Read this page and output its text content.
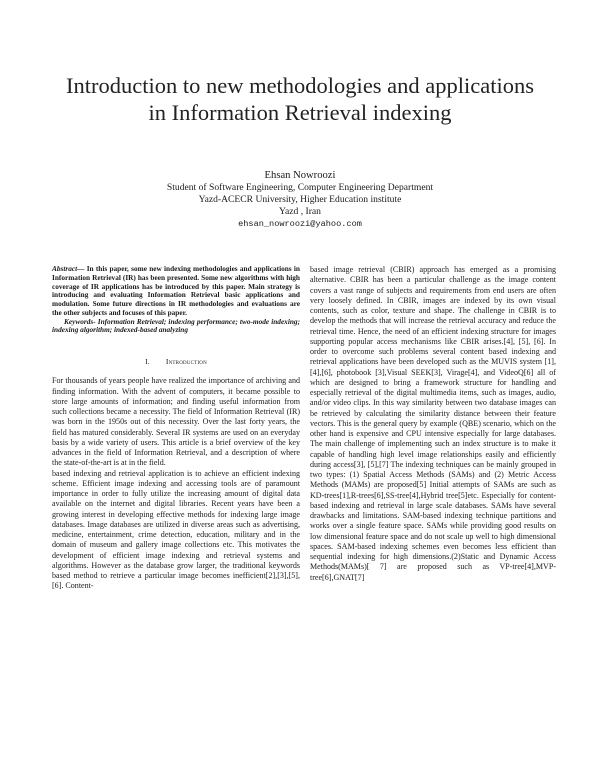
Introduction to new methodologies and applications
in Information Retrieval indexing
Ehsan Nowroozi
Student of Software Engineering, Computer Engineering Department
Yazd-ACECR University, Higher Education institute
Yazd , Iran
ehsan_nowroozi@yahoo.com

Abstract— In this paper, some new indexing methodologies and applications in Information Retrieval (IR) has been presented. Some new algorithms with high coverage of IR applications has be introduced by this paper. Main strategy is introducing and evaluating Information Retrieval basic applications and modulation. Some future directions in IR methodologies and evaluations are the other subjects and focuses of this paper.

Keywords- Information Retrieval; indexing performance; two-mode indexing; indexing algorithm; indexed-based analyzing

I. Introduction

For thousands of years people have realized the importance of archiving and finding information. With the advent of computers, it became possible to store large amounts of information; and finding useful information from such collections became a necessity. The field of Information Retrieval (IR) was born in the 1950s out of this necessity. Over the last forty years, the field has matured considerably. Several IR systems are used on an everyday basis by a wide variety of users. This article is a brief overview of the key advances in the field of Information Retrieval, and a description of where the state-of-the-art is at in the field.

based indexing and retrieval application is to achieve an efficient indexing scheme. Efficient image indexing and accessing tools are of paramount importance in order to fully utilize the increasing amount of digital data available on the internet and digital libraries. Recent years have been a growing interest in developing effective methods for indexing large image databases. Image databases are utilized in diverse areas such as advertising, medicine, entertainment, crime detection, education, military and in the domain of museum and gallery image collections etc. This motivates the development of efficient image indexing and retrieval systems and algorithms. However as the database grow larger, the traditional keywords based method to retrieve a particular image becomes inefficient[2],[3],[5],[6]. Content-

based image retrieval (CBIR) approach has emerged as a promising alternative. CBIR has been a particular challenge as the image content covers a vast range of subjects and requirements from end users are often very loosely defined. In CBIR, images are indexed by its own visual contents, such as color, texture and shape. The challenge in CBIR is to develop the methods that will increase the retrieval accuracy and reduce the retrieval time. Hence, the need of an efficient indexing structure for images supporting popular access mechanisms like CBIR arises.[4], [5], [6]. In order to overcome such problems several content based indexing and retrieval applications have been developed such as the MUVIS system [1],[4],[6], photobook [3],Visual SEEK[3], Virage[4], and VideoQ[6] all of which are designed to bring a framework structure for handling and especially retrieval of the digital multimedia items, such as images, audio, and/or video clips. In this way similarity between two database images can be retrieved by calculating the similarity distance between their feature vectors. This is the general query by example (QBE) scenario, which on the other hand is expensive and CPU intensive especially for large databases. The main challenge of implementing such an index structure is to make it capable of handling high level image relationships easily and efficiently during access[3], [5],[7] The indexing techniques can be mainly grouped in two types: (1) Spatial Access Methods (SAMs) and (2) Metric Access Methods (MAMs) are proposed[5] Initial attempts of SAMs are such as KD-trees[1],R-trees[6],SS-tree[4],Hybrid tree[5]etc. Especially for content-based indexing and retrieval in large scale databases. SAMs have several drawbacks and limitations. SAM-based indexing technique partitions and works over a single feature space. SAMs while providing good results on low dimensional feature space and do not scale up well to high dimensional spaces. SAM-based indexing schemes even becomes less efficient than sequential indexing for high dimensions.(2)Static and Dynamic Access Methods(MAMs)[ 7] are proposed such as VP-tree[4],MVP- tree[6],GNAT[7]
